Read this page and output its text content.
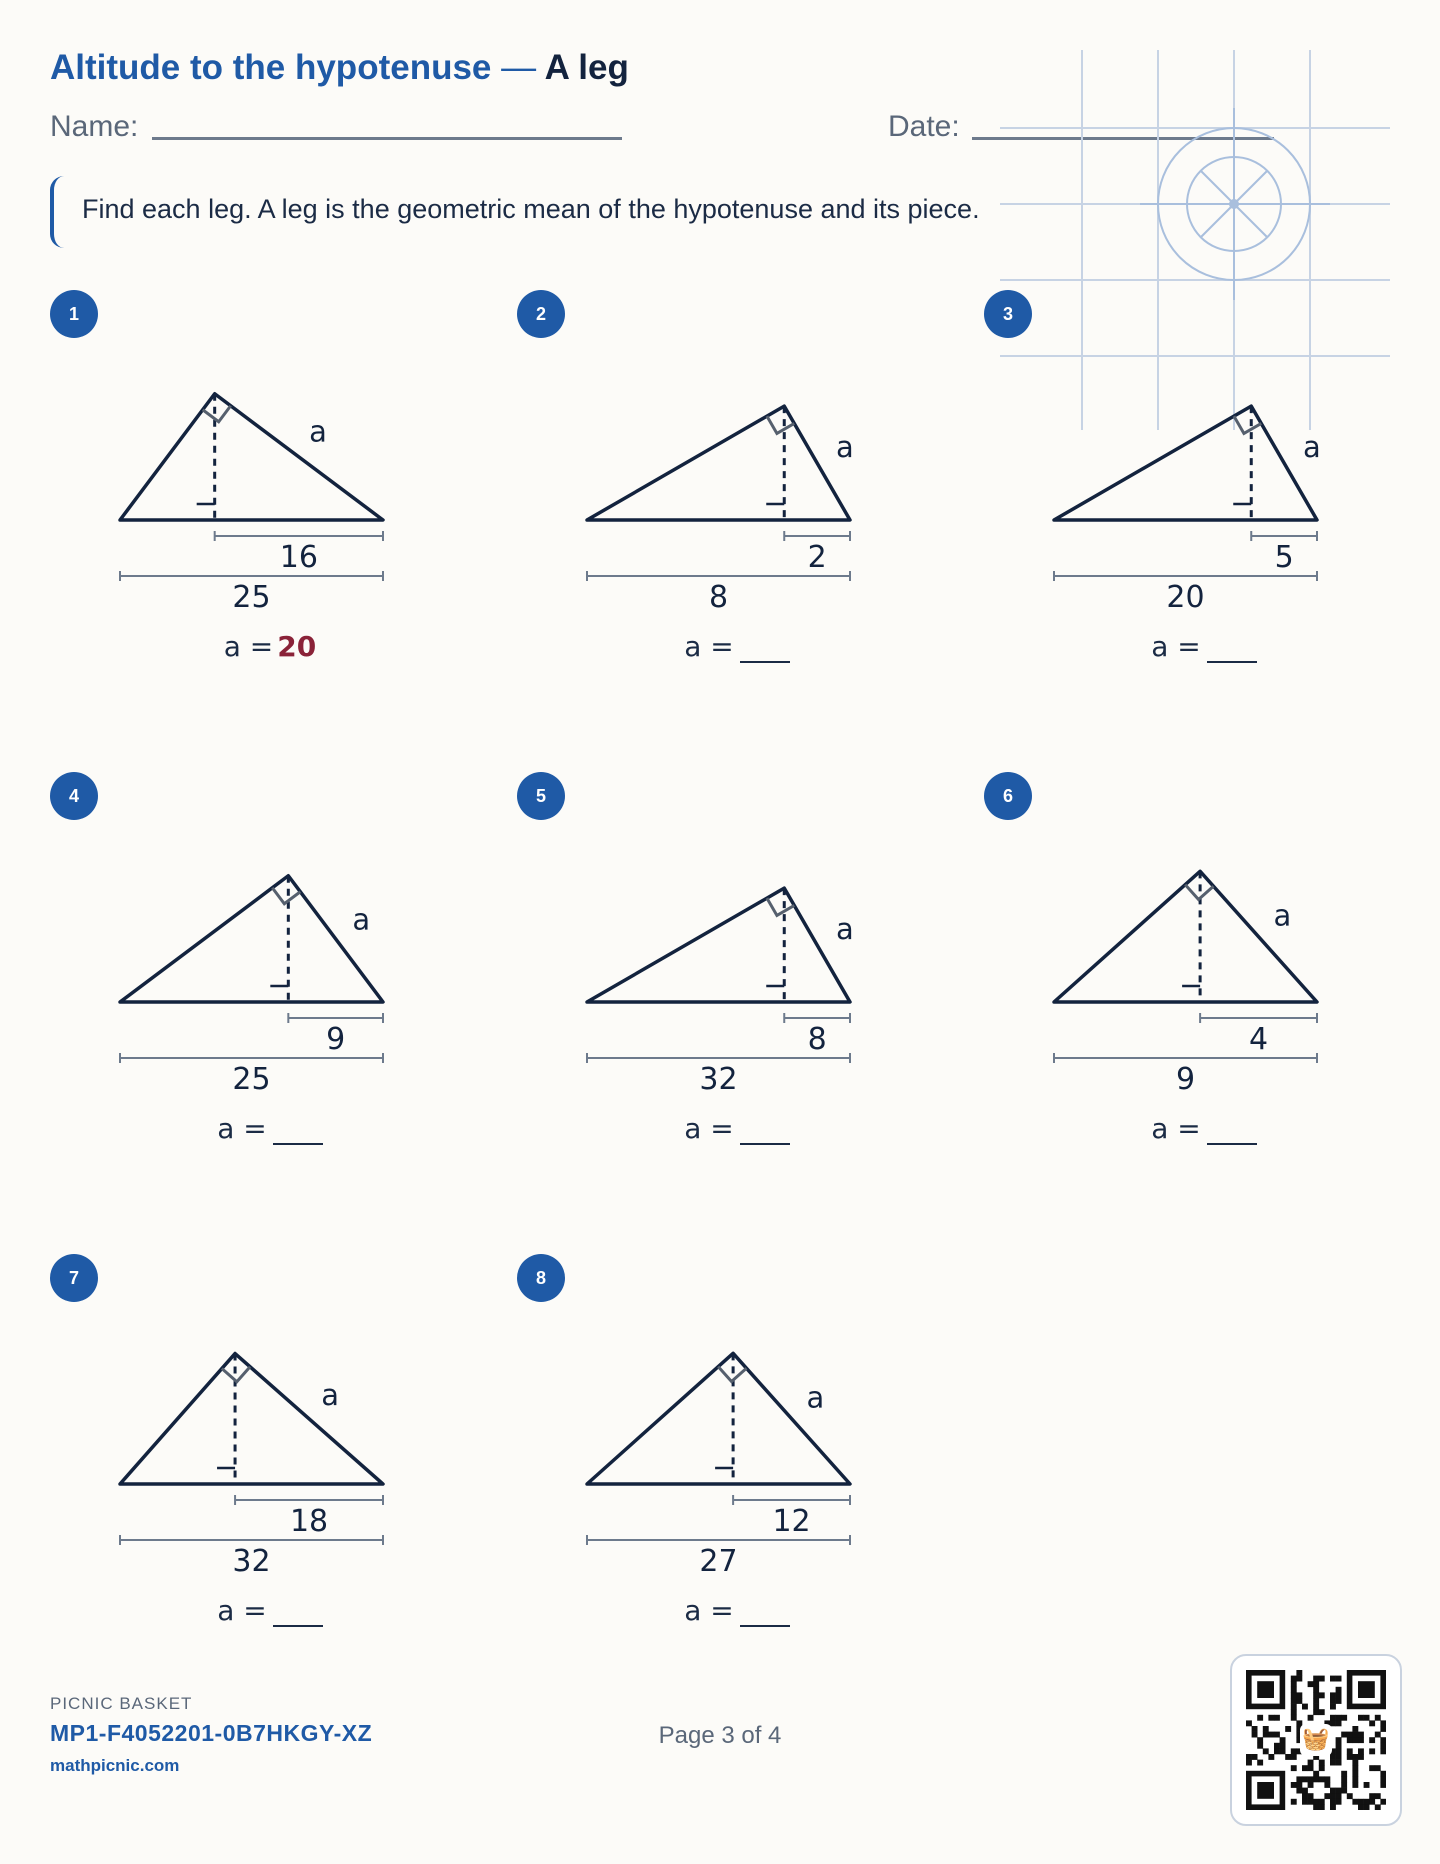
Altitude to the hypotenuse — A leg
Name:	Date:
Find each leg. A leg is the geometric mean of the hypotenuse and its piece.
1
16
25
a
a = 20
2
2
8
a
a =
3
5
20
a
a =
4
9
25
a
a =
5
8
32
a
a =
6
4
9
a
a =
7
18
32
a
a =
8
12
27
a
a =
PICNIC BASKET
MP1-F4052201-0B7HKGY-XZ
mathpicnic.com
Page 3 of 4	🧺
